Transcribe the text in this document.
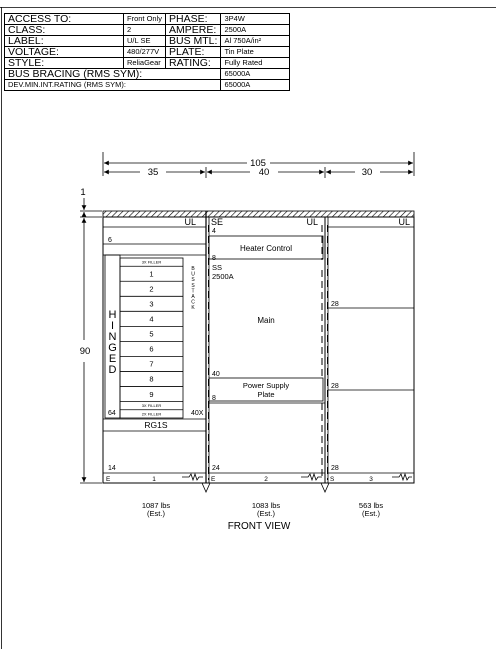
ACCESS TO:	Front Only	PHASE:	3P4W
CLASS:	2	AMPERE:	2500A
LABEL:	U/L SE	BUS MTL:	Al 750A/in²
VOLTAGE:	480/277V	PLATE:	Tin Plate
STYLE:	ReliaGear	RATING:	Fully Rated
BUS BRACING (RMS SYM):			65000A
DEV.MIN.INT.RATING (RMS SYM):			65000A
105
35	40	30
1
90
UL
6
H I N G E D
3X FILLER
1
2
3
4
5
6
7
8
9
3X FILLER
2X FILLER
B U S S T A C K
64	40X
RG1S
14
E	1
SE	UL
4
Heater Control
8
SS
2500A
Main
40
Power Supply
Plate
8
24
E	2
UL
28
28
28
S	3
1087 lbs
(Est.)
1083 lbs
(Est.)
563 lbs
(Est.)
FRONT VIEW
